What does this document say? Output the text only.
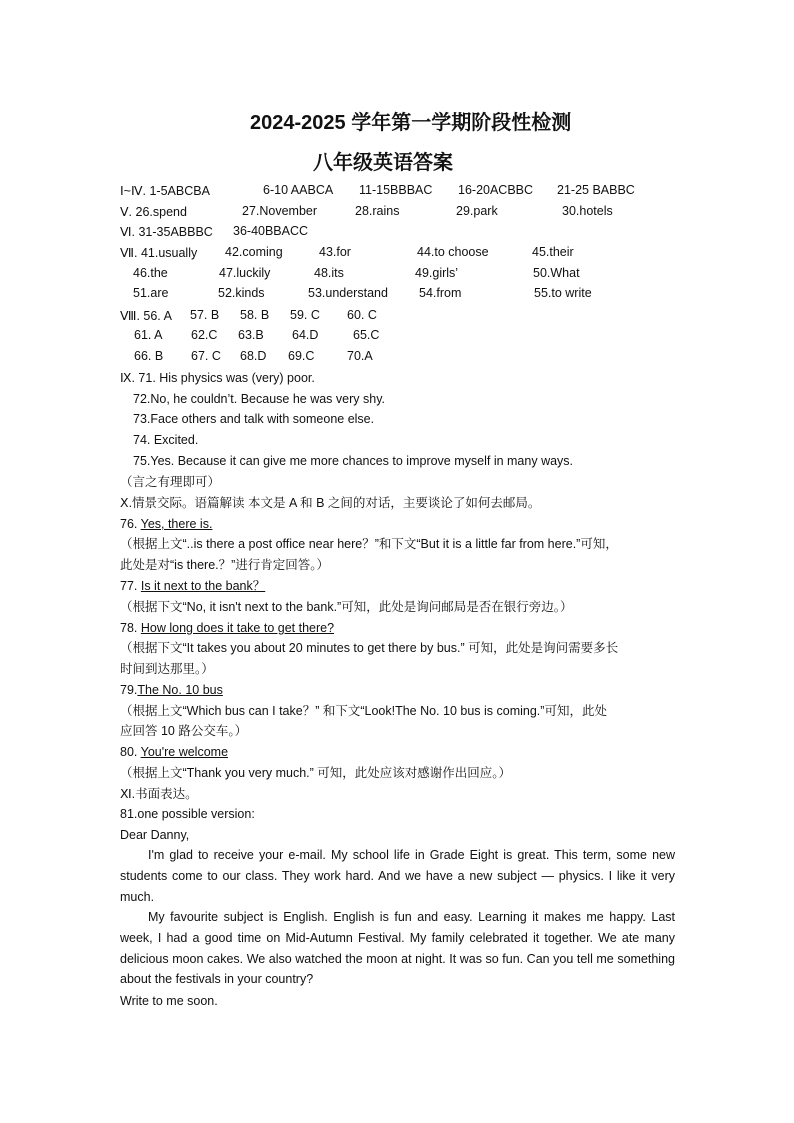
2024-2025 学年第一学期阶段性检测
八年级英语答案
Ⅰ~Ⅳ. 1-5ABCBA	6-10 AABCA 11-15BBBAC 16-20ACBBC 21-25 BABBC
Ⅴ. 26.spend	27.November	28.rains	29.park	30.hotels
Ⅵ. 31-35ABBBC 36-40BBACC
Ⅶ. 41.usually 42.coming	43.for	44.to choose	45.their
46.the	47.luckily	48.its	49.girls’	50.What
51.are	52.kinds	53.understand 54.from	55.to write
Ⅷ. 56. A 57. B 58. B 59. C 60. C
61. A 62.C 63.B 64.D	65.C
66. B 67. C 68.D 69.C	70.A
Ⅸ. 71. His physics was (very) poor.
72.No, he couldn’t. Because he was very shy.
73.Face others and talk with someone else.
74. Excited.
75.Yes. Because it can give me more chances to improve myself in many ways.
（言之有理即可）
Ⅹ.情景交际。语篇解读 本文是 A 和 B 之间的对话，主要谈论了如何去邮局。
76. Yes, there is.
（根据上文“..is there a post office near here？”和下文“But it is a little far from here.”可知，
此处是对“is there.？”进行肯定回答。）
77. Is it next to the bank？
（根据下文“No, it isn't next to the bank.”可知，此处是询问邮局是否在银行旁边。）
78. How long does it take to get there?
（根据下文“It takes you about 20 minutes to get there by bus.” 可知，此处是询问需要多长
时间到达那里。）
79.The No. 10 bus
（根据上文“Which bus can I take？” 和下文“Look!The No. 10 bus is coming.”可知，此处
应回答 10 路公交车。）
80. You're welcome
（根据上文“Thank you very much.” 可知，此处应该对感谢作出回应。）
Ⅺ.书面表达。
81.one possible version:
Dear Danny,
I'm glad to receive your e-mail. My school life in Grade Eight is great. This term, some new students come to our class. They work hard. And we have a new subject — physics. I like it very much.
My favourite subject is English. English is fun and easy. Learning it makes me happy. Last week, I had a good time on Mid-Autumn Festival. My family celebrated it together. We ate many delicious moon cakes. We also watched the moon at night. It was so fun. Can you tell me something about the festivals in your country?
Write to me soon.
